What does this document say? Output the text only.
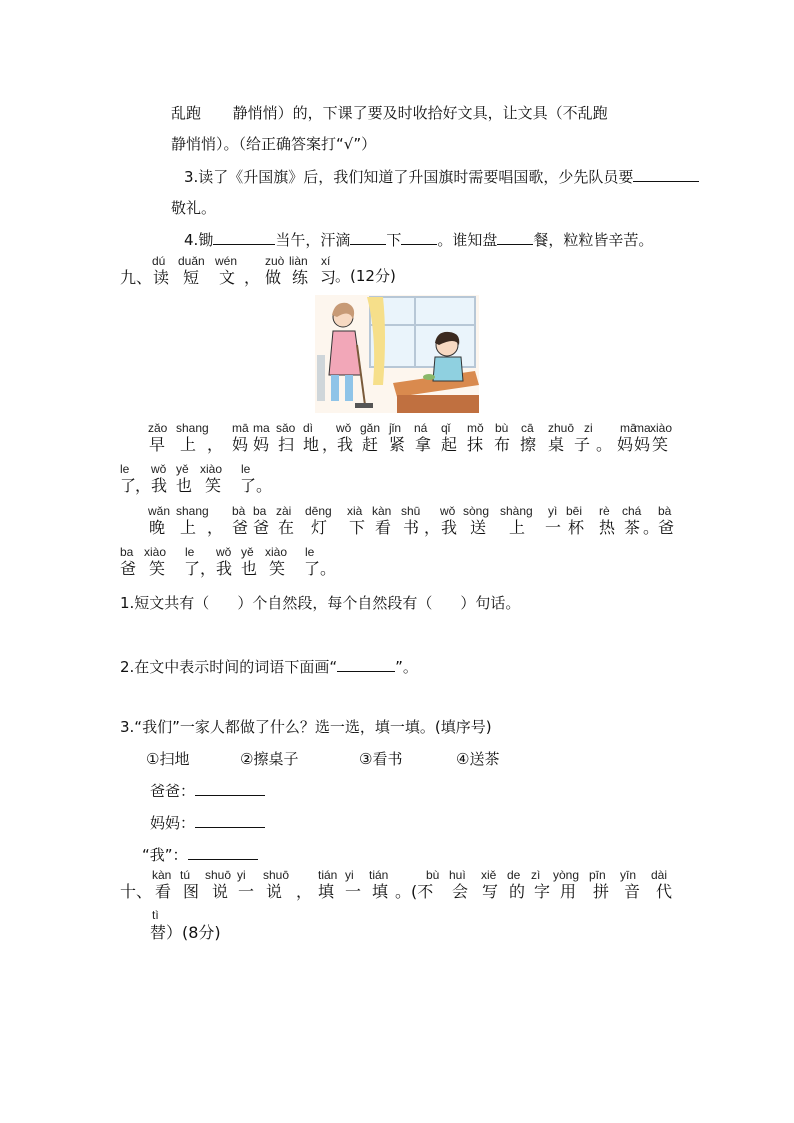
乱跑 静悄悄）的，下课了要及时收拾好文具，让文具（不乱跑
静悄悄）。（给正确答案打“√”）
3.读了《升国旗》后，我们知道了升国旗时需要唱国歌，少先队员要
敬礼。
4.锄	当午，汗滴 下 。谁知盘 餐，粒粒皆辛苦。
dú duǎn wén zuò liàn xí
九、 读 短 文 ， 做 练 习
。(12分)
zǎo shang mā ma sǎo dì wǒ gǎn jǐn ná qǐ mǒ bù cā zhuō zi mā
ma xiào
早 上 ， 妈 妈 扫 地 ，
我 赶 紧 拿 起 抹 布 擦 桌 子 。 妈 妈 笑
le wǒ yě xiào le
了
， 我 也 笑 了 。
wǎn shang bà ba zài dēng xià kàn shū wǒ sòng shàng yì bēi rè chá bà
晚 上 ， 爸 爸 在 灯 下 看 书 ， 我 送 上 一 杯 热 茶 。
爸
ba xiào le wǒ yě xiào le
爸 笑 了 ， 我 也 笑 了 。
1.短文共有（ ）个自然段，每个自然段有（ ）句话。
2.在文中表示时间的词语下面画“	”。
3.“我们”一家人都做了什么？选一选，填一填。(填序号)
①扫地	②擦桌子	③看书	④送茶
爸爸：
妈妈：
“我”：
kàn tú shuō yi shuō tián yi tián	bù huì xiě de zì yòng pīn yīn dài
tì
十、 看 图 说 一 说 ， 填 一 填 。(不 会 写 的 字 用 拼 音 代
替）(8分)
